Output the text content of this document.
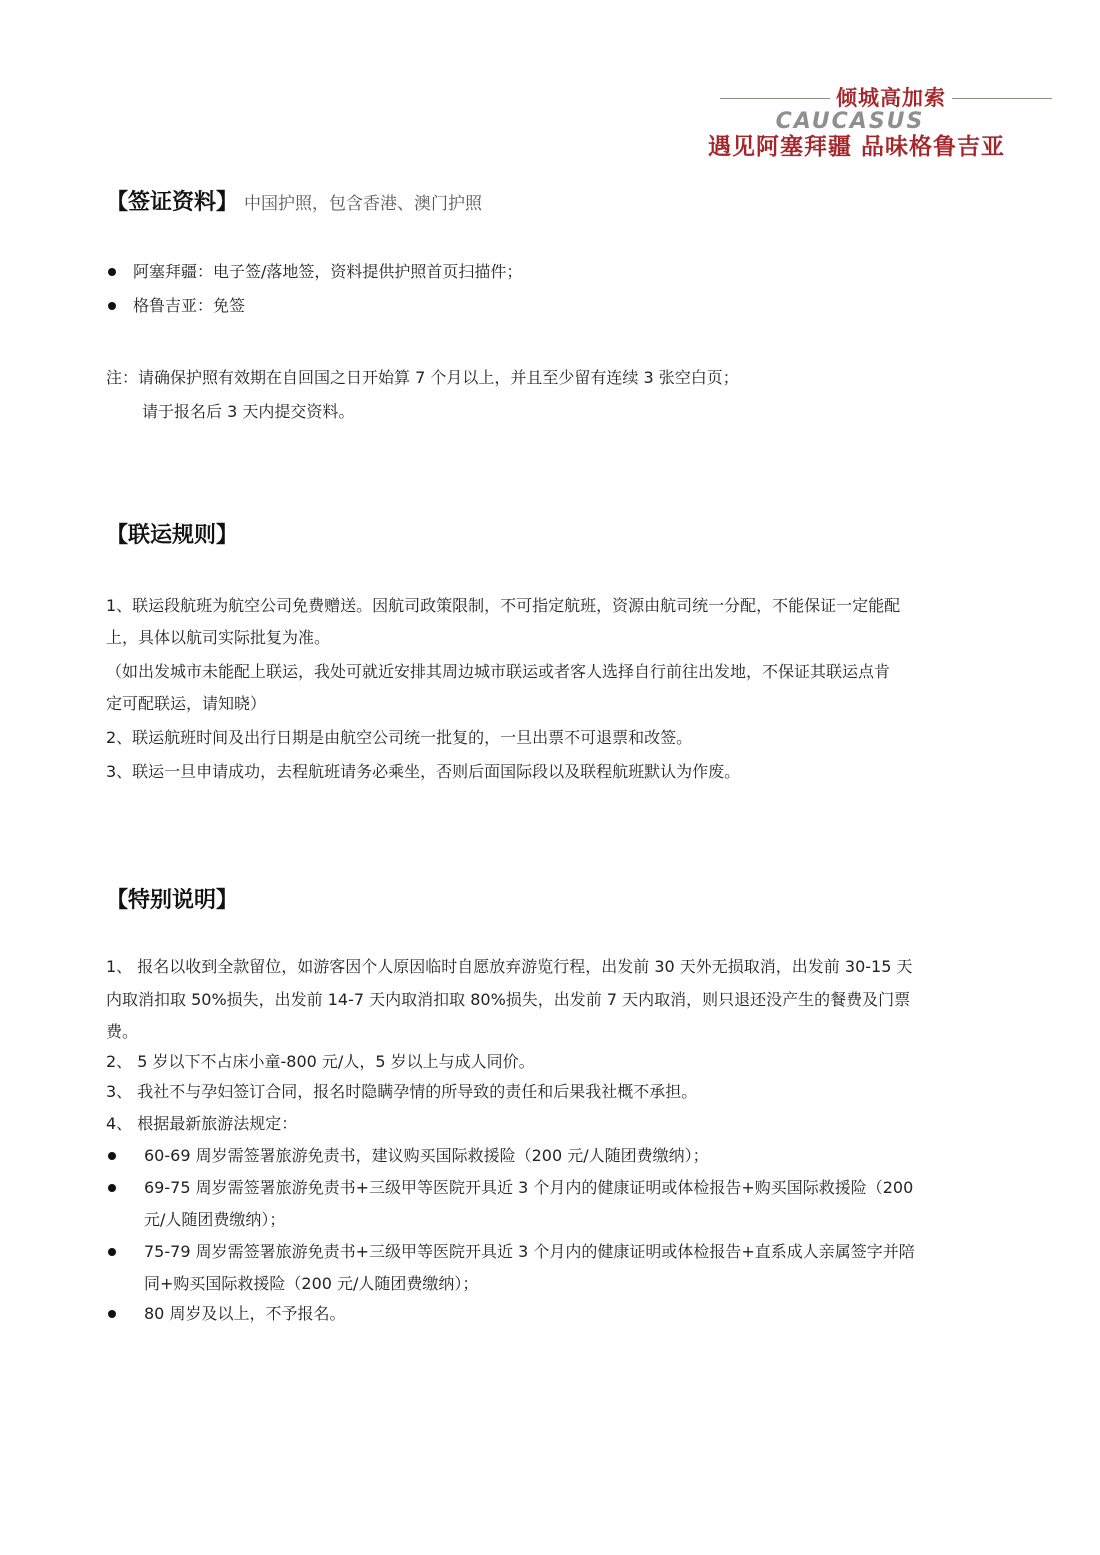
倾城高加索
CAUCASUS
遇见阿塞拜疆 品味格鲁吉亚
【签证资料】 中国护照，包含香港、澳门护照
阿塞拜疆：电子签/落地签，资料提供护照首页扫描件；
格鲁吉亚：免签
注：请确保护照有效期在自回国之日开始算 7 个月以上，并且至少留有连续 3 张空白页；
请于报名后 3 天内提交资料。
【联运规则】
1、联运段航班为航空公司免费赠送。因航司政策限制，不可指定航班，资源由航司统一分配，不能保证一定能配
上，具体以航司实际批复为准。
（如出发城市未能配上联运，我处可就近安排其周边城市联运或者客人选择自行前往出发地，不保证其联运点肯
定可配联运，请知晓）
2、联运航班时间及出行日期是由航空公司统一批复的，一旦出票不可退票和改签。
3、联运一旦申请成功，去程航班请务必乘坐，否则后面国际段以及联程航班默认为作废。
【特别说明】
1、 报名以收到全款留位，如游客因个人原因临时自愿放弃游览行程，出发前 30 天外无损取消，出发前 30-15 天
内取消扣取 50%损失，出发前 14-7 天内取消扣取 80%损失，出发前 7 天内取消，则只退还没产生的餐费及门票
费。
2、 5 岁以下不占床小童-800 元/人，5 岁以上与成人同价。
3、 我社不与孕妇签订合同，报名时隐瞒孕情的所导致的责任和后果我社概不承担。
4、 根据最新旅游法规定：
60-69 周岁需签署旅游免责书，建议购买国际救援险（200 元/人随团费缴纳）；
69-75 周岁需签署旅游免责书+三级甲等医院开具近 3 个月内的健康证明或体检报告+购买国际救援险（200
元/人随团费缴纳）；
75-79 周岁需签署旅游免责书+三级甲等医院开具近 3 个月内的健康证明或体检报告+直系成人亲属签字并陪
同+购买国际救援险（200 元/人随团费缴纳）；
80 周岁及以上，不予报名。
